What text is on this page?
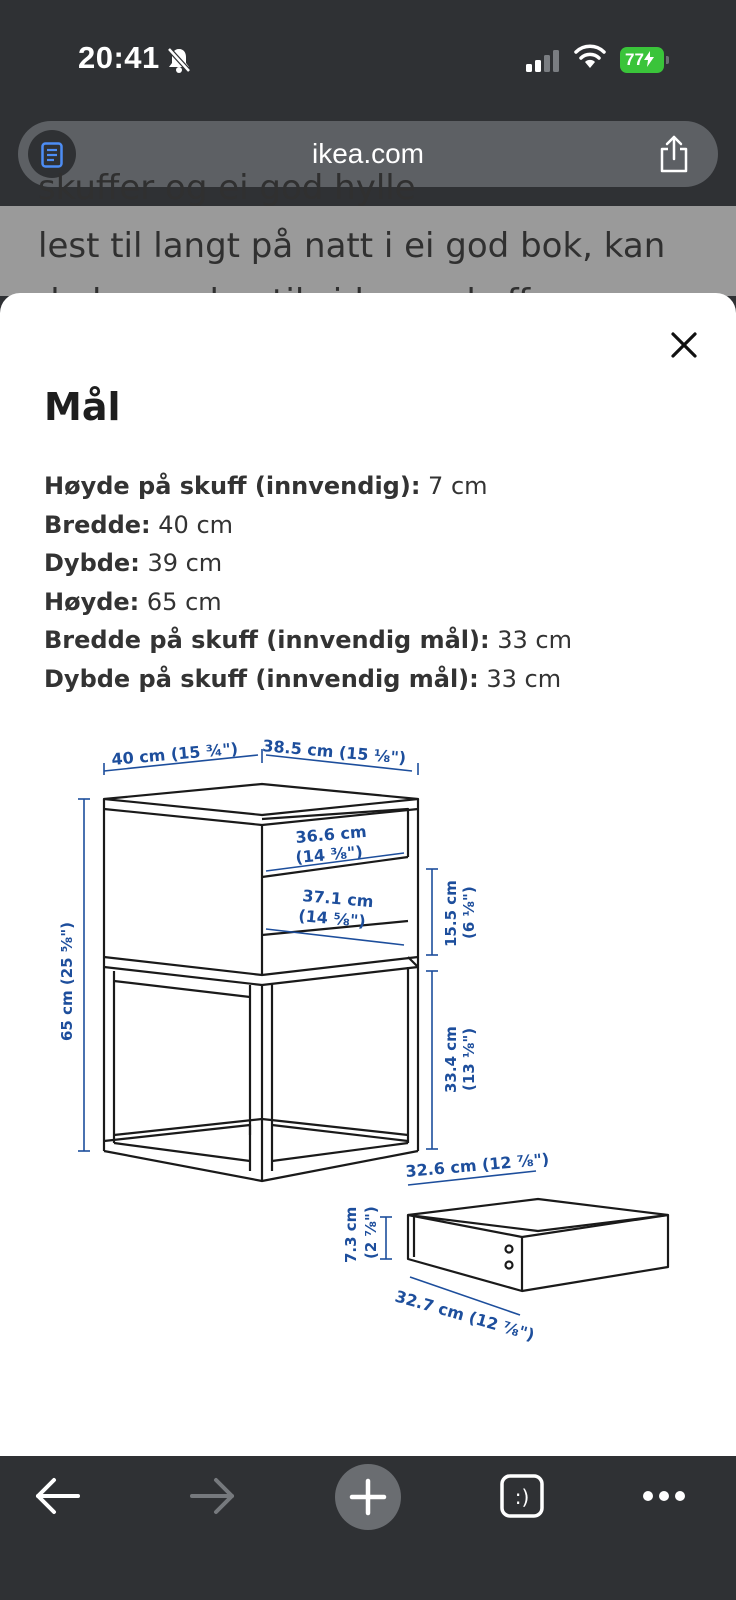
20:41	77
ikea.com
skuffer og ei god hylle
lest til langt på natt i ei god bok, kan
Mål
Høyde på skuff (innvendig): 7 cm
Bredde: 40 cm
Dybde: 39 cm
Høyde: 65 cm
Bredde på skuff (innvendig mål): 33 cm
Dybde på skuff (innvendig mål): 33 cm
40 cm (15 ¾") 38.5 cm (15 ⅛")
36.6 cm
(14 ⅜")
37.1 cm
(14 ⅝")
65 cm (25 ⅝")
15.5 cm (6 ⅛")
33.4 cm (13 ⅛")
32.6 cm (12 ⅞")
7.3 cm (2 ⅞")
32.7 cm (12 ⅞")
:)
